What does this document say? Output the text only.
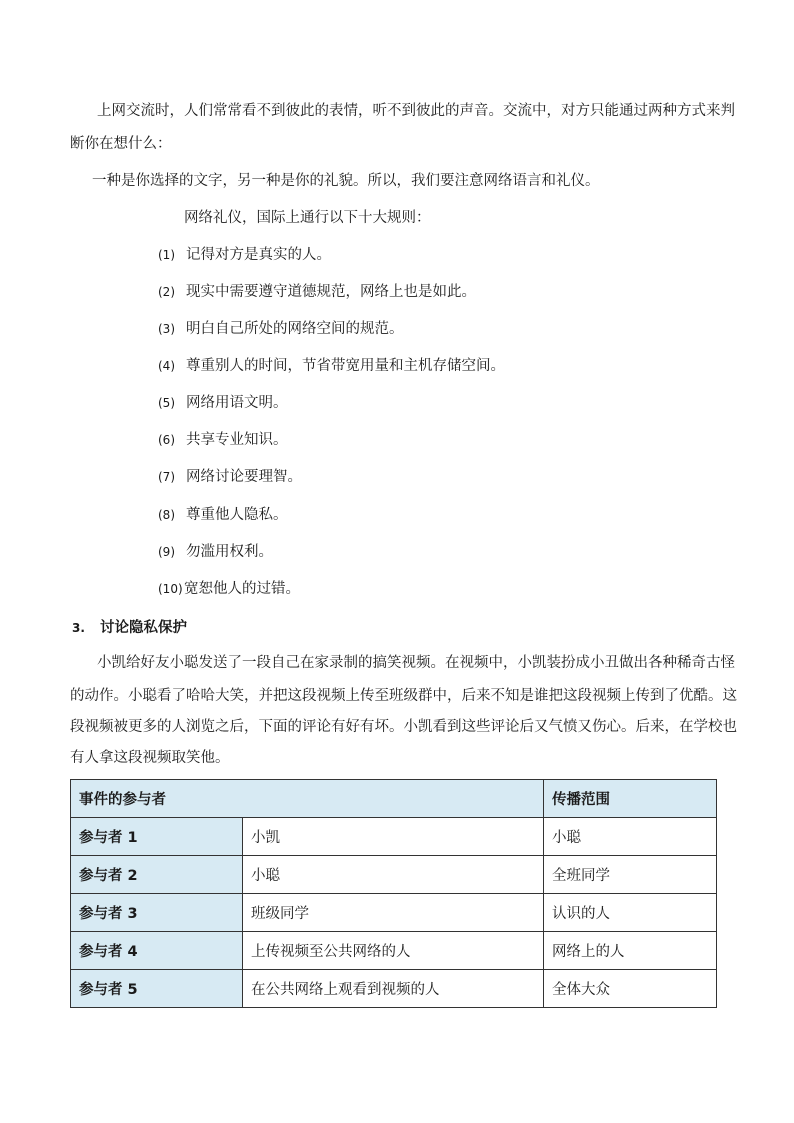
上网交流时，人们常常看不到彼此的表情，听不到彼此的声音。交流中，对方只能通过两种方式来判
断你在想什么：
一种是你选择的文字，另一种是你的礼貌。所以，我们要注意网络语言和礼仪。
网络礼仪，国际上通行以下十大规则：
(1) 记得对方是真实的人。
(2) 现实中需要遵守道德规范，网络上也是如此。
(3) 明白自己所处的网络空间的规范。
(4) 尊重别人的时间，节省带宽用量和主机存储空间。
(5) 网络用语文明。
(6) 共享专业知识。
(7) 网络讨论要理智。
(8) 尊重他人隐私。
(9) 勿滥用权利。
(10)宽恕他人的过错。
3. 讨论隐私保护
小凯给好友小聪发送了一段自己在家录制的搞笑视频。在视频中，小凯装扮成小丑做出各种稀奇古怪
的动作。小聪看了哈哈大笑，并把这段视频上传至班级群中，后来不知是谁把这段视频上传到了优酷。这
段视频被更多的人浏览之后，下面的评论有好有坏。小凯看到这些评论后又气愤又伤心。后来，在学校也
有人拿这段视频取笑他。
事件的参与者		传播范围
参与者 1	小凯	小聪
参与者 2	小聪	全班同学
参与者 3	班级同学	认识的人
参与者 4	上传视频至公共网络的人	网络上的人
参与者 5	在公共网络上观看到视频的人	全体大众
